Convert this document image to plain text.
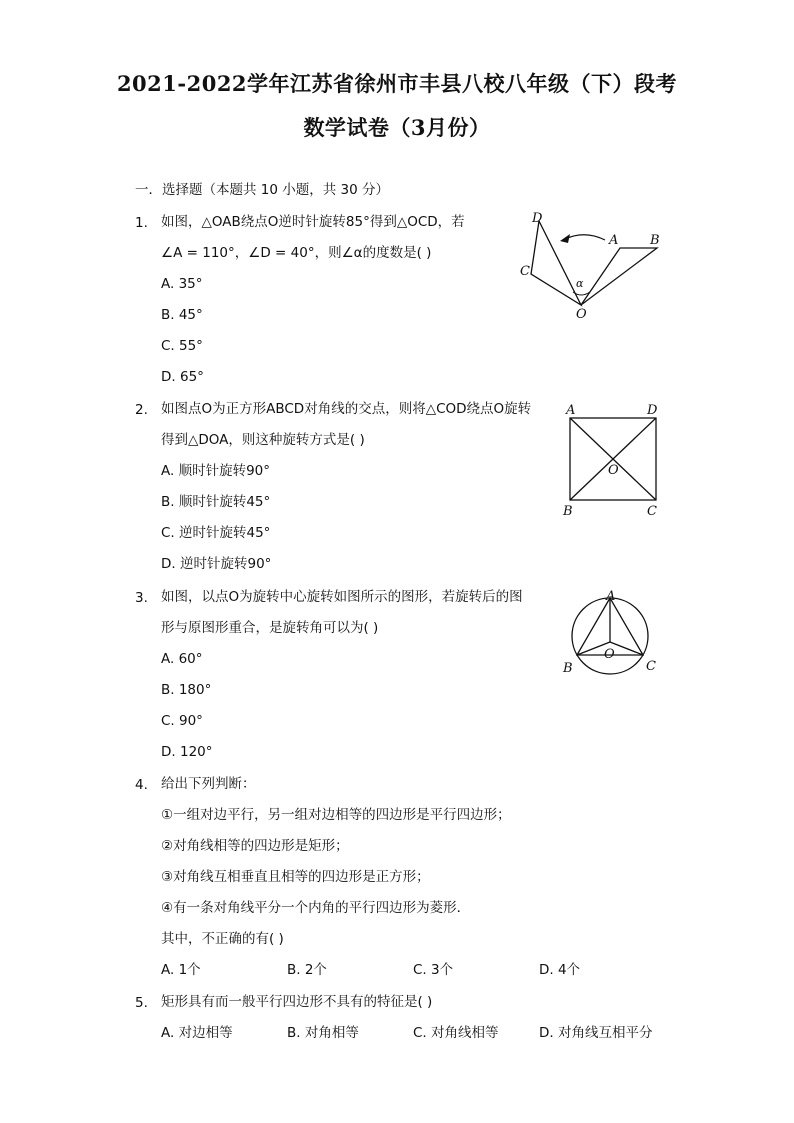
2021-2022学年江苏省徐州市丰县八校八年级（下）段考
数学试卷（3月份）
一．选择题（本题共 10 小题，共 30 分）
1. 如图，△OAB绕点O逆时针旋转85°得到△OCD，若
∠A = 110°，∠D = 40°，则∠α的度数是( )
A. 35°
B. 45°
C. 55°
D. 65°
D
C
A B
O
α
2. 如图点O为正方形ABCD对角线的交点，则将△COD绕点O旋转
得到△DOA，则这种旋转方式是( )
A. 顺时针旋转90°
B. 顺时针旋转45°
C. 逆时针旋转45°
D. 逆时针旋转90°
A	D
B	C
O
3. 如图，以点O为旋转中心旋转如图所示的图形，若旋转后的图
形与原图形重合，是旋转角可以为( )
A. 60°
B. 180°
C. 90°
D. 120°
A
B	C
O
4. 给出下列判断：
①一组对边平行，另一组对边相等的四边形是平行四边形；
②对角线相等的四边形是矩形；
③对角线互相垂直且相等的四边形是正方形；
④有一条对角线平分一个内角的平行四边形为菱形．
其中，不正确的有( )
A. 1个	B. 2个	C. 3个	D. 4个
5. 矩形具有而一般平行四边形不具有的特征是( )
A. 对边相等	B. 对角相等	C. 对角线相等	D. 对角线互相平分
